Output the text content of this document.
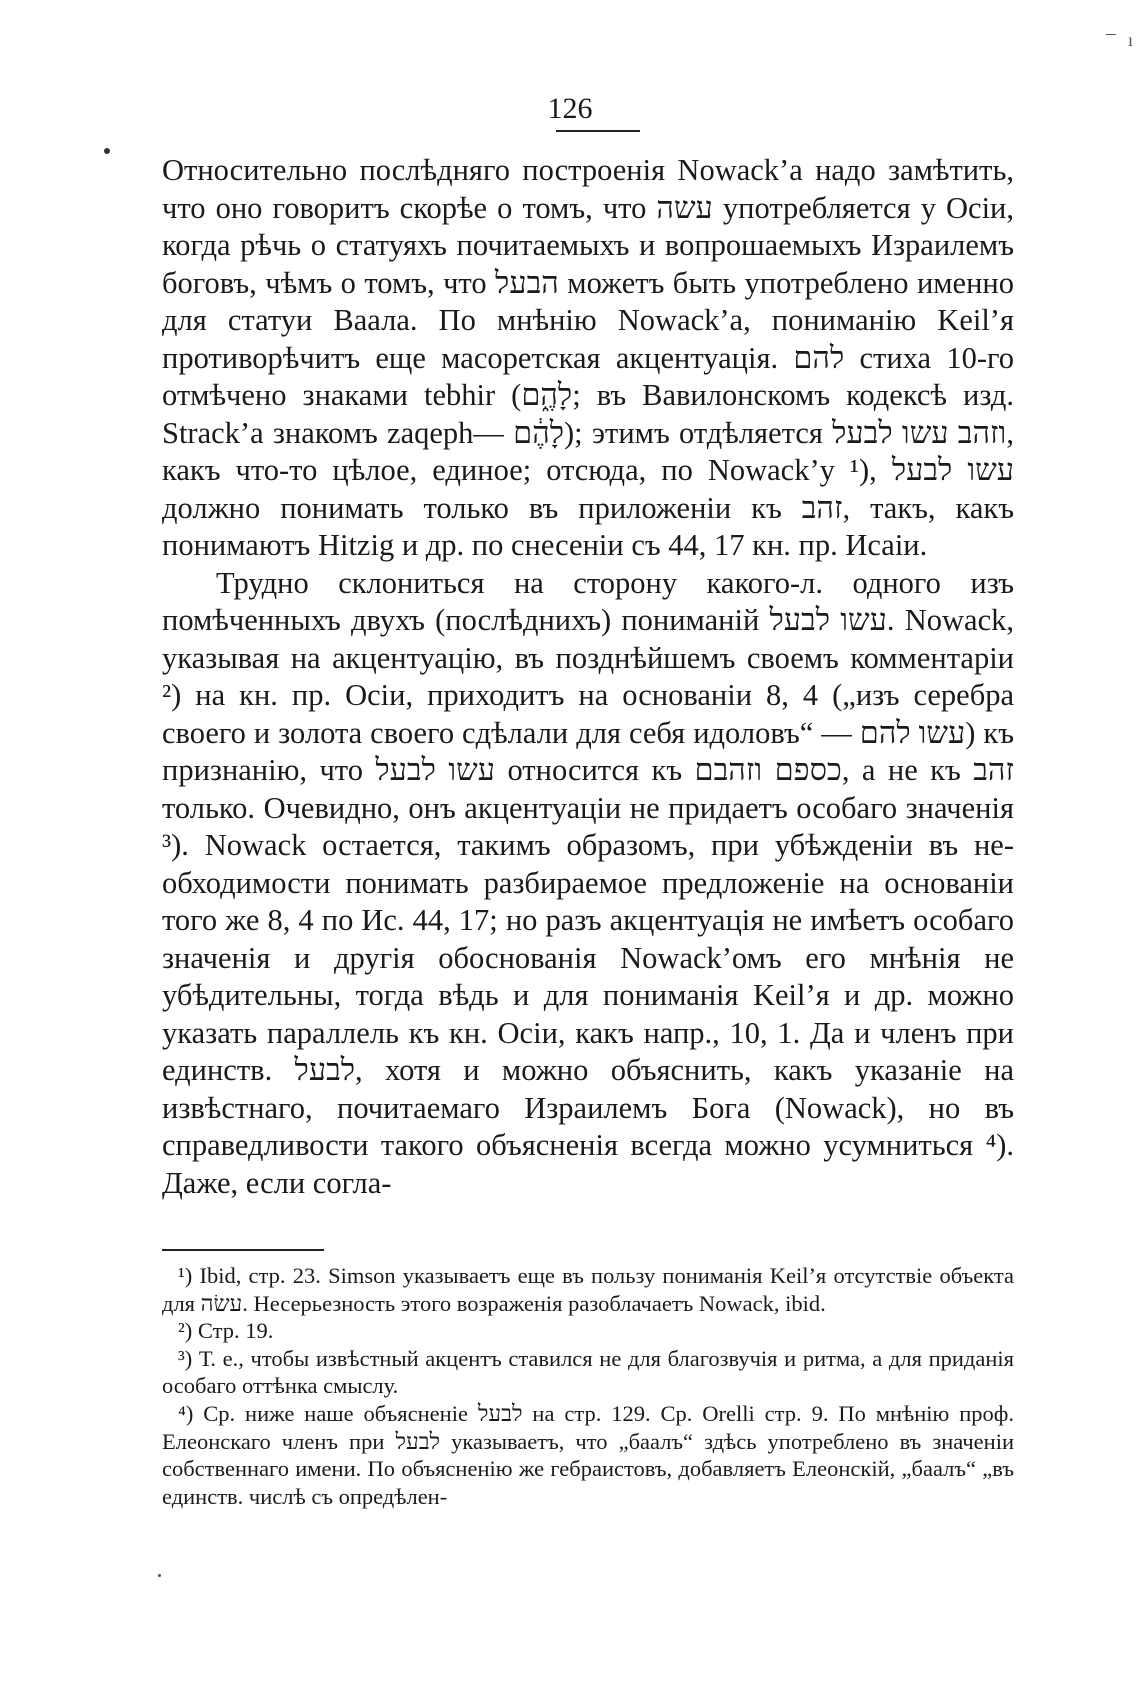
– ı
126

Относительно послѣдняго построенія Nowack’а надо замѣтить, что оно говоритъ скорѣе о томъ, что עשה употребляется у Осіи, когда рѣчь о статуяхъ почитаемыхъ и вопрошаемыхъ Израилемъ боговъ, чѣмъ о томъ, что הבעל можетъ быть употреблено именно для статуи Ваала. По мнѣнію Nowack’а, пониманію Keil’я противорѣчитъ еще масоретская акцентуація. להם стиха 10-го отмѣчено знаками tebhir (לָהֶ֑ם; въ Вавилонскомъ кодексѣ изд. Strack’a знакомъ zaqeph— לָהֶ֔ם); этимъ отдѣляется וזהב עשו לבעל, какъ что-то цѣлое, единое; отсюда, по Nowack’у ¹), עשו לבעל должно понимать только въ приложеніи къ זהב, такъ, какъ понимаютъ Hitzig и др. по снесеніи съ 44, 17 кн. пр. Исаіи.

Трудно склониться на сторону какого-л. одного изъ помѣченныхъ двухъ (послѣднихъ) пониманій עשו לבעל. Nowack, указывая на акцентуацію, въ позднѣйшемъ своемъ комментаріи ²) на кн. пр. Осіи, приходитъ на основаніи 8, 4 („изъ серебра своего и золота своего сдѣлали для себя идоловъ“ — עשו להם) къ признанію, что עשו לבעל относится къ כספם וזהבם, а не къ זהב только. Очевидно, онъ акцентуаціи не придаетъ особаго значенія ³). Nowack остается, такимъ образомъ, при убѣжденіи въ необходимости понимать разбираемое предложеніе на основаніи того же 8, 4 по Ис. 44, 17; но разъ акцентуація не имѣетъ особаго значенія и другія обоснованія Nowack’омъ его мнѣнія не убѣдительны, тогда вѣдь и для пониманія Keil’я и др. можно указать параллель къ кн. Осіи, какъ напр., 10, 1. Да и членъ при единств. לבעל, хотя и можно объяснить, какъ указаніе на извѣстнаго, почитаемаго Израилемъ Бога (Nowack), но въ справедливости такого объясненія всегда можно усумниться ⁴). Даже, если согла-

¹) Ibid, стр. 23. Simson указываетъ еще въ пользу пониманія Keil’я отсутствіе объекта для עשׂה. Несерьезность этого возраженія разоблачаетъ Nowack, ibid.

²) Стр. 19.

³) Т. е., чтобы извѣстный акцентъ ставился не для благозвучія и ритма, а для приданія особаго оттѣнка смыслу.

⁴) Ср. ниже наше объясненіе לבעל на стр. 129. Ср. Orelli стр. 9. По мнѣнію проф. Елеонскаго членъ при לבעל указываетъ, что „баалъ“ здѣсь употреблено въ значеніи собственнаго имени. По объясненію же гебраистовъ, добавляетъ Елеонскій, „баалъ“ „въ единств. числѣ съ опредѣлен-
